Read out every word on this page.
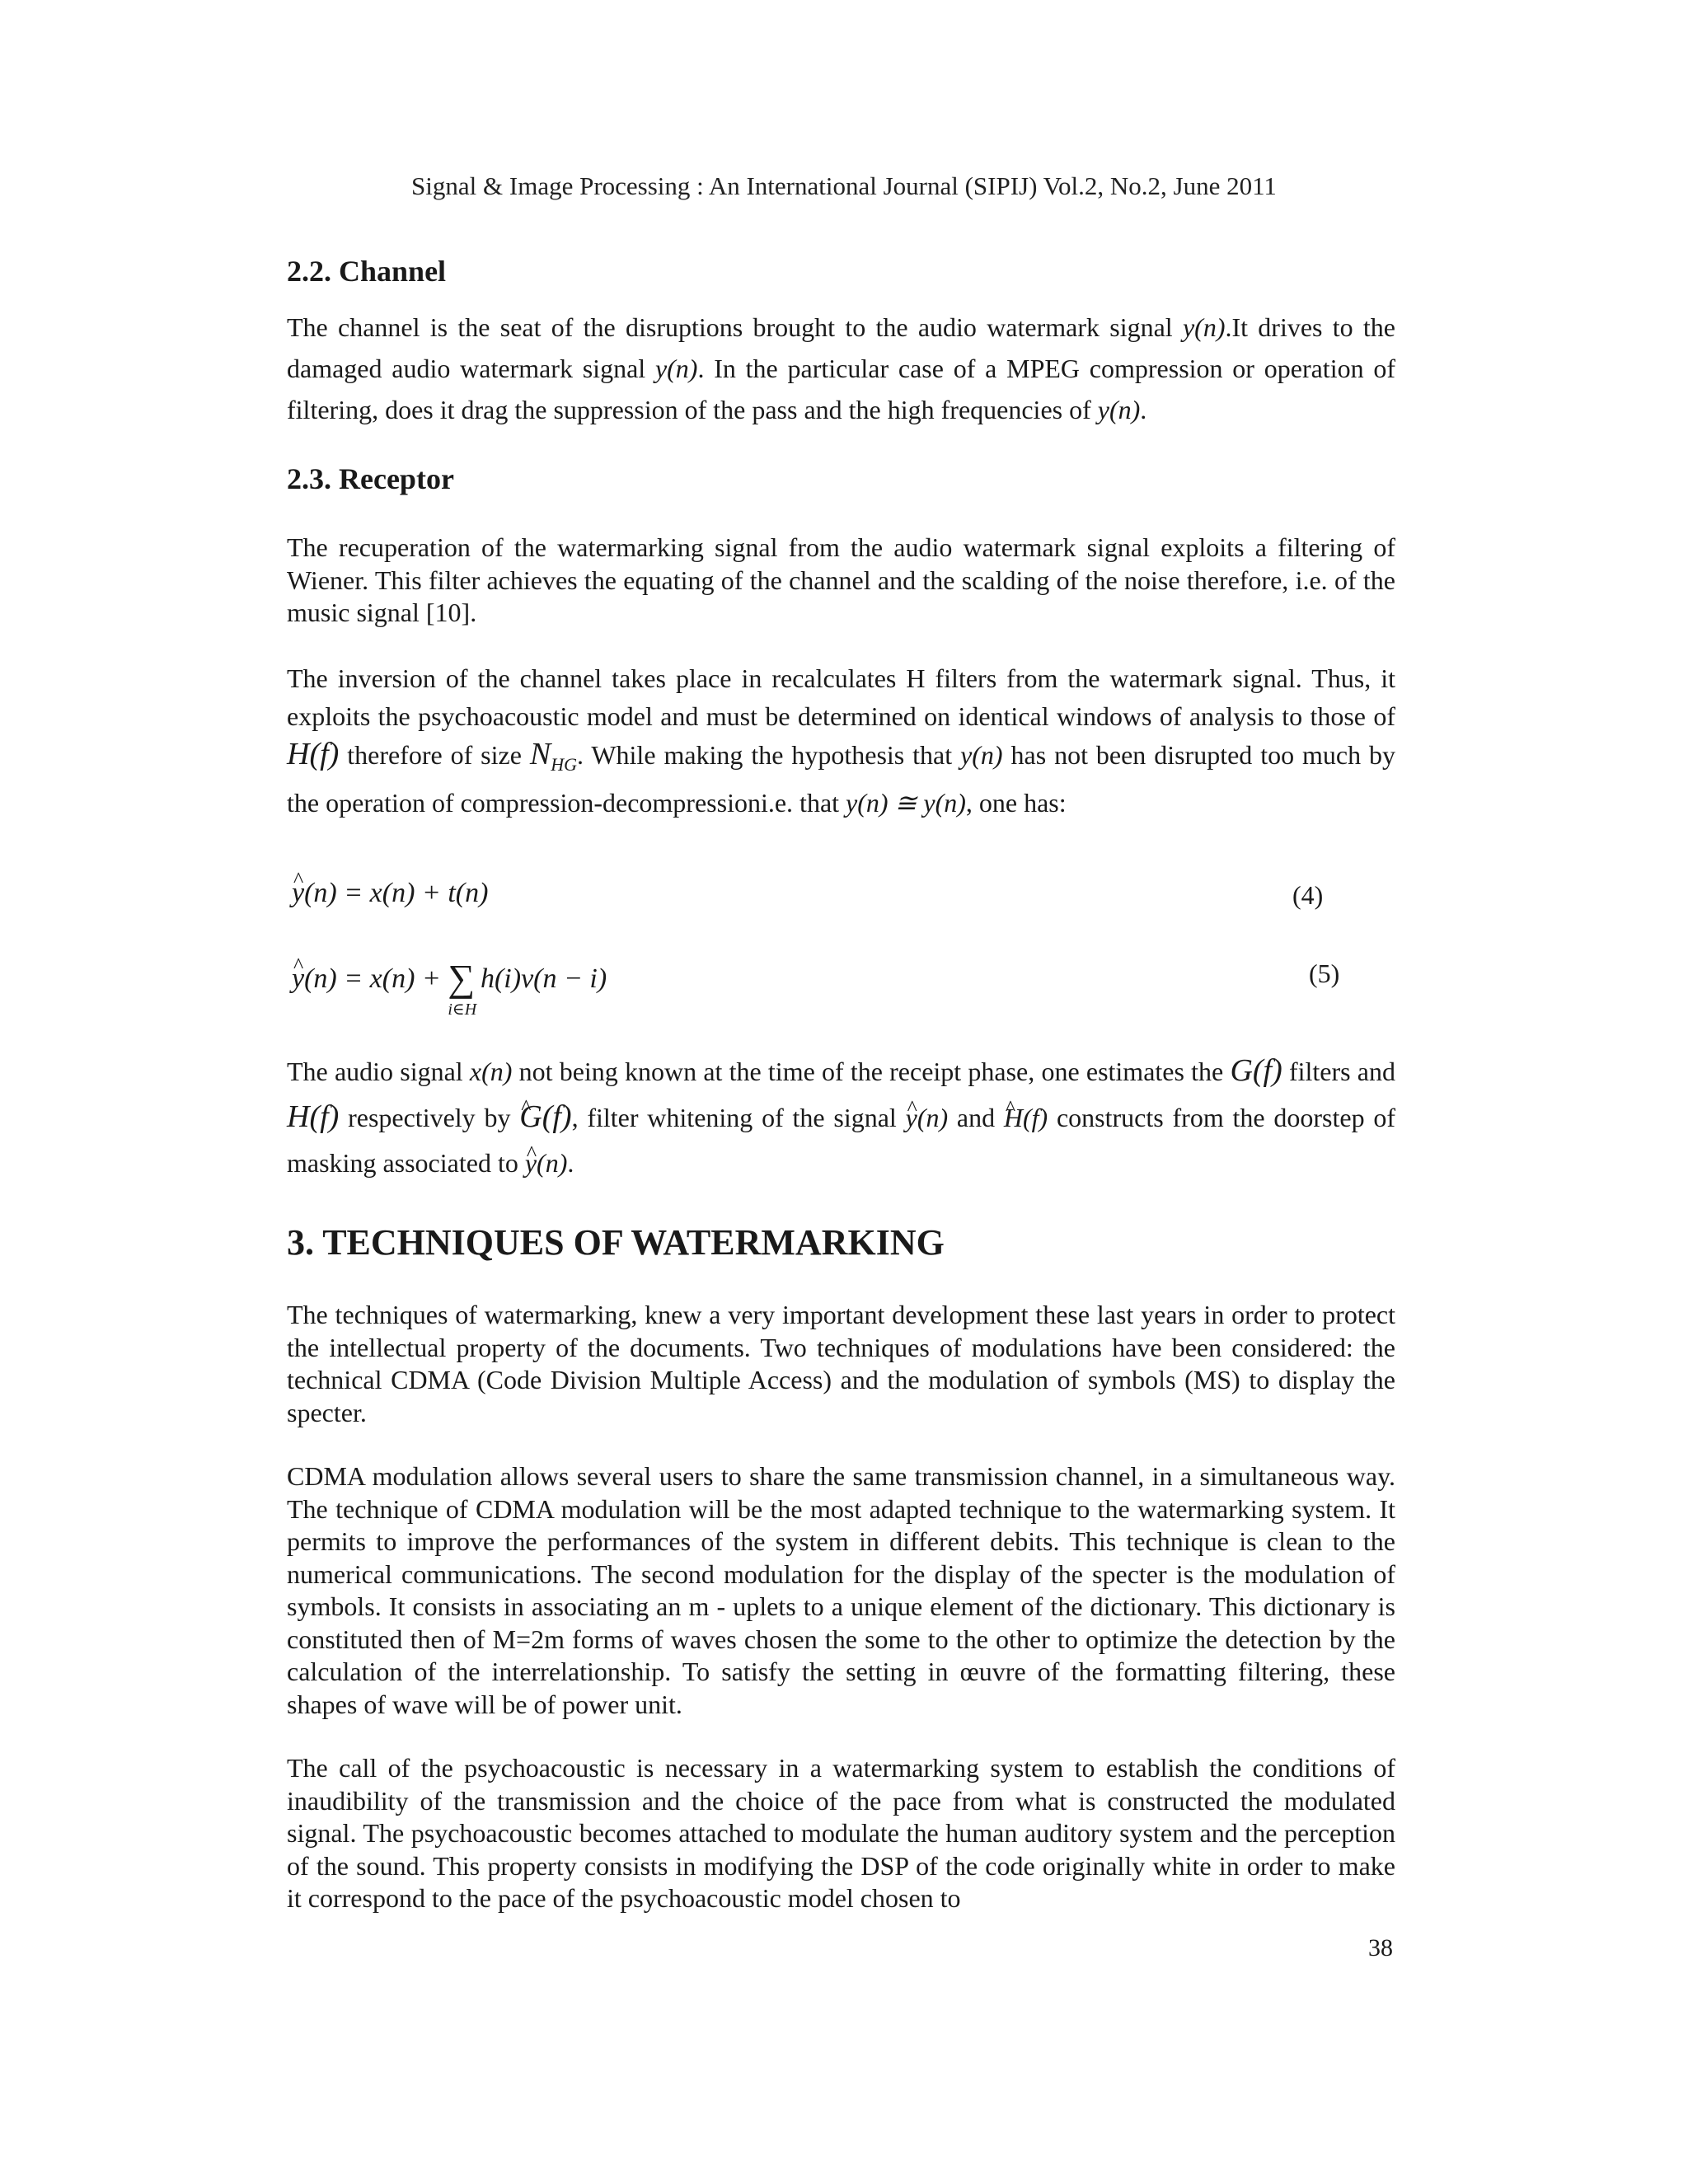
Signal & Image Processing : An International Journal (SIPIJ) Vol.2, No.2, June 2011
2.2. Channel

The channel is the seat of the disruptions brought to the audio watermark signal y(n).It drives to the damaged audio watermark signal y(n). In the particular case of a MPEG compression or operation of filtering, does it drag the suppression of the pass and the high frequencies of y(n).

2.3. Receptor

The recuperation of the watermarking signal from the audio watermark signal exploits a filtering of Wiener. This filter achieves the equating of the channel and the scalding of the noise therefore, i.e. of the music signal [10].

The inversion of the channel takes place in recalculates H filters from the watermark signal. Thus, it exploits the psychoacoustic model and must be determined on identical windows of analysis to those of H(f) therefore of size $N_{HG}$. While making the hypothesis that y(n) has not been disrupted too much by the operation of compression-decompressioni.e. that y(n) ≅ y(n), one has:

^ y(n) = x(n) + t(n)	(4)
^ y(n) = x(n) + ∑
i∈H
 h(i)v(n − i)	(5)

The audio signal x(n) not being known at the time of the receipt phase, one estimates the G(f) filters and H(f) respectively by ^ G(f), filter whitening of the signal ^ y(n) and ^ H(f) constructs from the doorstep of masking associated to ^ y(n).

3. TECHNIQUES OF WATERMARKING

The techniques of watermarking, knew a very important development these last years in order to protect the intellectual property of the documents. Two techniques of modulations have been considered: the technical CDMA (Code Division Multiple Access) and the modulation of symbols (MS) to display the specter.

CDMA modulation allows several users to share the same transmission channel, in a simultaneous way. The technique of CDMA modulation will be the most adapted technique to the watermarking system. It permits to improve the performances of the system in different debits. This technique is clean to the numerical communications. The second modulation for the display of the specter is the modulation of symbols. It consists in associating an m - uplets to a unique element of the dictionary. This dictionary is constituted then of M=2m forms of waves chosen the some to the other to optimize the detection by the calculation of the interrelationship. To satisfy the setting in œuvre of the formatting filtering, these shapes of wave will be of power unit.

The call of the psychoacoustic is necessary in a watermarking system to establish the conditions of inaudibility of the transmission and the choice of the pace from what is constructed the modulated signal. The psychoacoustic becomes attached to modulate the human auditory system and the perception of the sound. This property consists in modifying the DSP of the code originally white in order to make it correspond to the pace of the psychoacoustic model chosen to

38
